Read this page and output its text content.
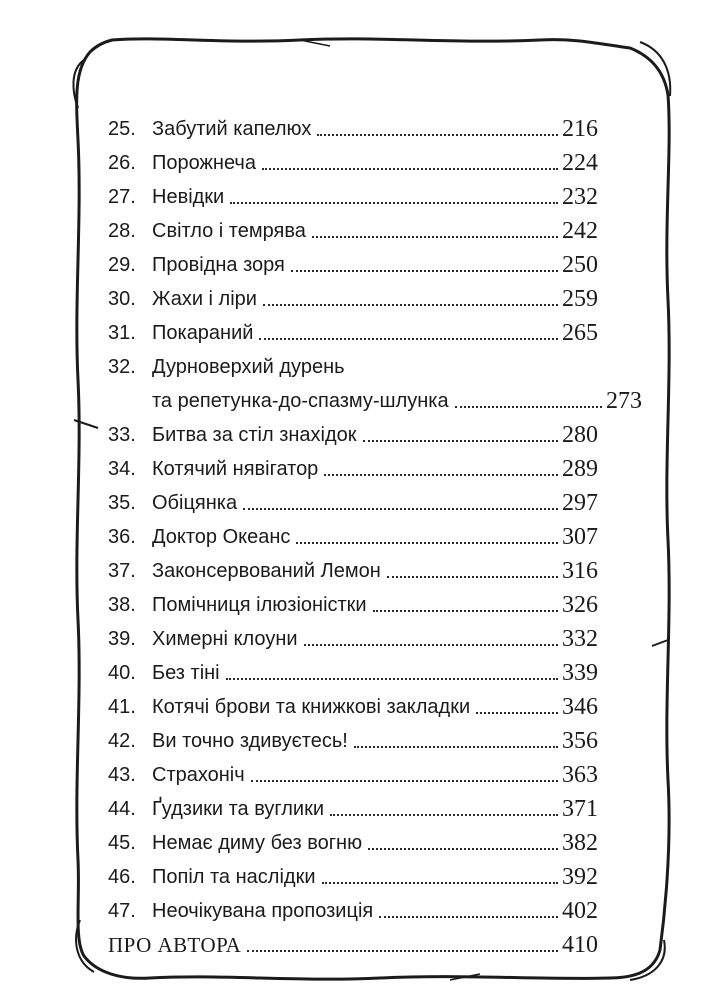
25. Забутий капелюх	216
26. Порожнеча	224
27. Невідки	232
28. Світло і темрява	242
29. Провідна зоря	250
30. Жахи і ліри	259
31. Покараний	265
32. Дурноверхий дурень
та репетунка-до-спазму-шлунка	273
33. Битва за стіл знахідок	280
34. Котячий нявігатор	289
35. Обіцянка	297
36. Доктор Океанс	307
37. Законсервований Лемон	316
38. Помічниця ілюзіоністки	326
39. Химерні клоуни	332
40. Без тіні	339
41. Котячі брови та книжкові закладки	346
42. Ви точно здивуєтесь!	356
43. Страхоніч	363
44. Ґудзики та вуглики	371
45. Немає диму без вогню	382
46. Попіл та наслідки	392
47. Неочікувана пропозиція	402
ПРО АВТОРА	410
